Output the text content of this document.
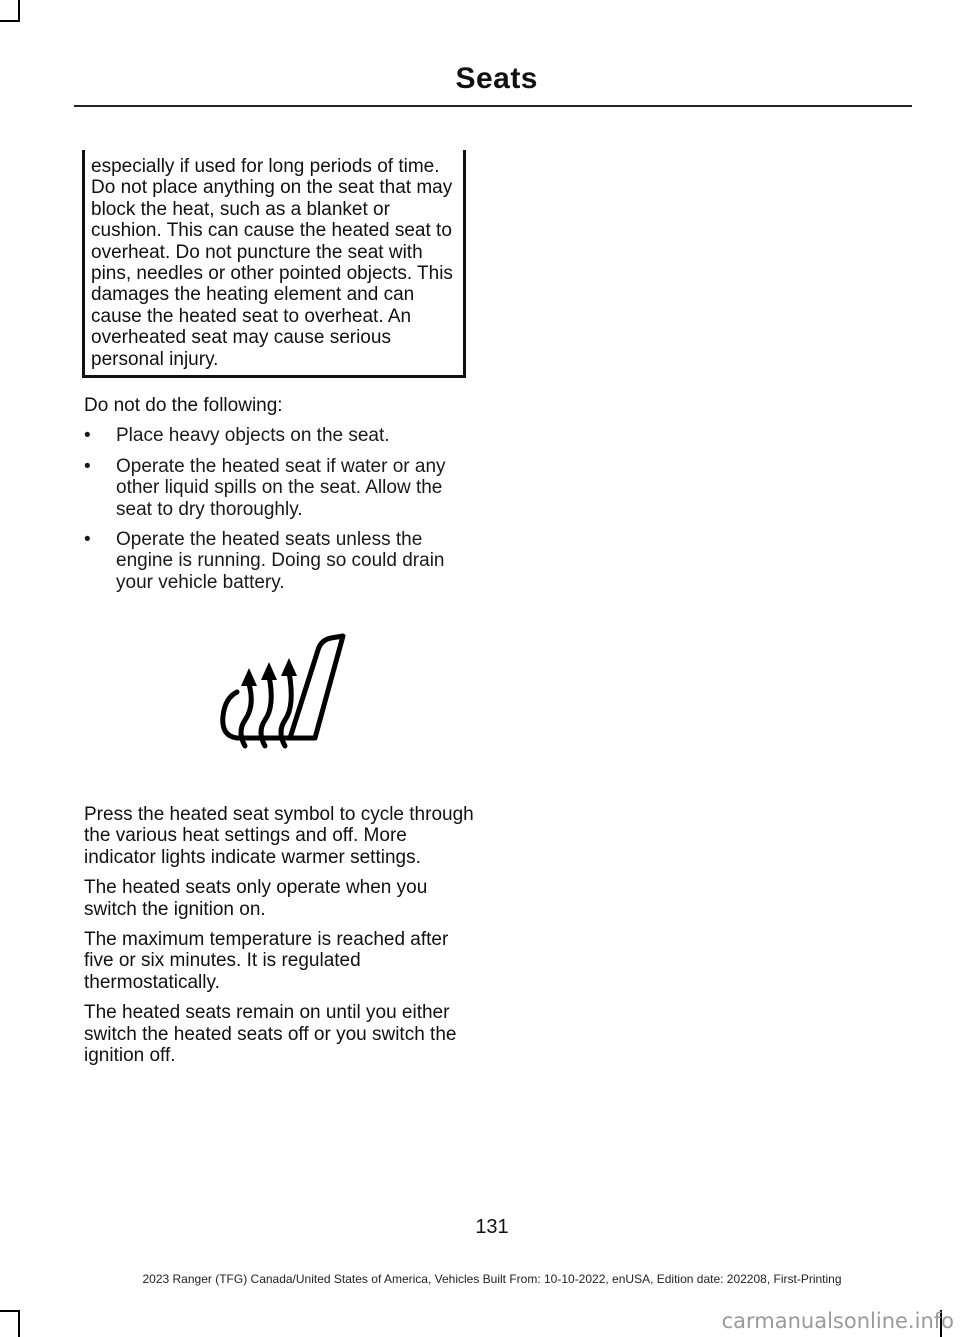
Seats

especially if used for long periods of time. Do not place anything on the seat that may block the heat, such as a blanket or cushion. This can cause the heated seat to overheat. Do not puncture the seat with pins, needles or other pointed objects. This damages the heating element and can cause the heated seat to overheat. An overheated seat may cause serious personal injury.

Do not do the following:

• Place heavy objects on the seat.
• Operate the heated seat if water or any other liquid spills on the seat. Allow the seat to dry thoroughly.
• Operate the heated seats unless the engine is running. Doing so could drain your vehicle battery.

Press the heated seat symbol to cycle through the various heat settings and off. More indicator lights indicate warmer settings.

The heated seats only operate when you switch the ignition on.

The maximum temperature is reached after five or six minutes. It is regulated thermostatically.

The heated seats remain on until you either switch the heated seats off or you switch the ignition off.

131
2023 Ranger (TFG) Canada/United States of America, Vehicles Built From: 10-10-2022, enUSA, Edition date: 202208, First-Printing
carmanualsonline.info
